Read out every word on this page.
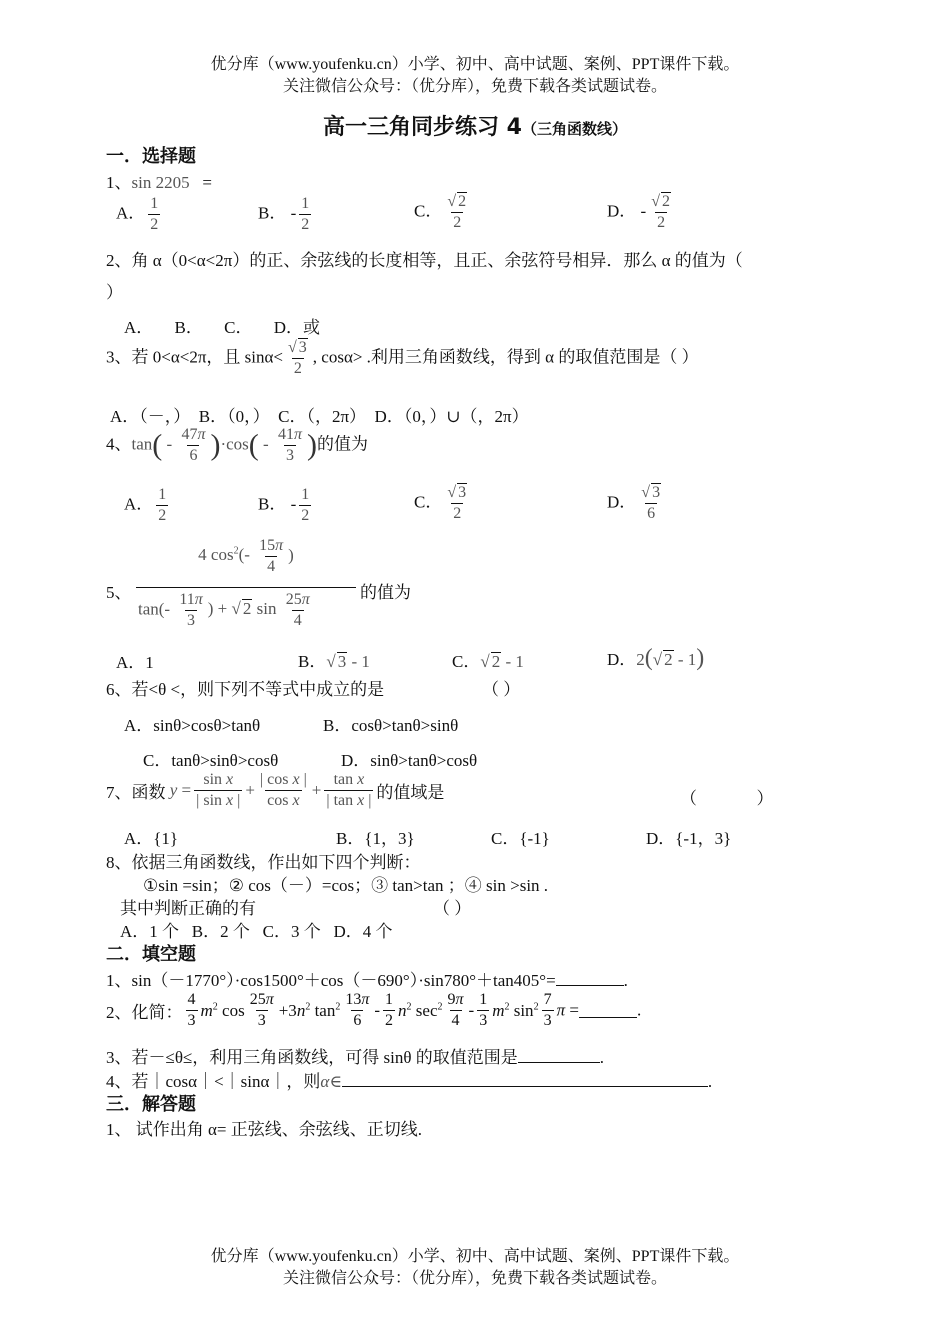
优分库（www.youfenku.cn）小学、初中、高中试题、案例、PPT课件下载。
关注微信公众号：（优分库），免费下载各类试题试卷。
高一三角同步练习 4（三角函数线）
一．选择题
1、sin 2205 =
A． $\frac{1}{2}$	B． - $\frac{1}{2}$	C． $\frac{√ 2}{2}$	D． - $\frac{√ 2}{2}$
2、角 α（0<α<2π）的正、余弦线的长度相等，且正、余弦符号相异．那么 α 的值为（
）
A．     B．     C．     D．或
3、若 0<α<2π，且 $\sin\alpha< \frac{√ 3}{2}$ , cosα> .利用三角函数线，得到 α 的取值范围是（ ）
A．（－，）  B．（0，）  C．（，2π）  D．（0，）∪（，2π）
4、$\tan( - \frac{47\pi}{6} )\cdot\cos( - \frac{41\pi}{3}$ )的值为
A． $\frac{1}{2}$	B． - $\frac{1}{2}$	C． $\frac{√ 3}{2}$	D． $\frac{√ 3}{6}$
5、
4 $\cos^2(- \frac{15\pi}{4}$ )
$\tan(- \frac{11\pi}{3}$ ) + √ 2 $\sin \frac{25\pi}{4}$	的值为
A．1	B．√ 3 - 1	C．√ 2 - 1	D．2(√ 2 - 1)
6、若<θ <，则下列不等式中成立的是	（ ）
A．sinθ>cosθ>tanθ	B．cosθ>tanθ>sinθ
C．tanθ>sinθ>cosθ	D．sinθ>tanθ>cosθ
7、函数 $y = \frac{\text{sin x}}{\text{| sin x |}} + \frac{\text{| cos x |}}{\text{cos x}} + \frac{\text{tan x}}{\text{| tan x |}}$ 的值域是	（              ）
A．{1}	B．{1，3}	C．{-1}	D．{-1，3}
8、依据三角函数线，作出如下四个判断：
①sin =sin；② cos（－）=cos；③ tan>tan ；④ sin >sin .
其中判断正确的有	（ ）
A．1 个   B．2 个   C．3 个   D．4 个
二．填空题
1、sin（－1770°）·cos1500°＋cos（－690°）·sin780°＋tan405°=	.
2、化简： $\frac{4}{3} m^2$ $\cos \frac{25\pi}{3} +3n^2$ $\tan^2 \frac{13\pi}{6} - \frac{1}{2} n^2$ $\sec^2 \frac{9\pi}{4} - \frac{1}{3} m^2$ $\sin^2 \frac{7}{3}$ π =	.
3、若－≤θ≤，利用三角函数线，可得 sinθ 的取值范围是	.
4、若｜cosα｜<｜sinα｜，则α∈	.
三．解答题
1、 试作出角 α= 正弦线、余弦线、正切线.
优分库（www.youfenku.cn）小学、初中、高中试题、案例、PPT课件下载。
关注微信公众号：（优分库），免费下载各类试题试卷。
